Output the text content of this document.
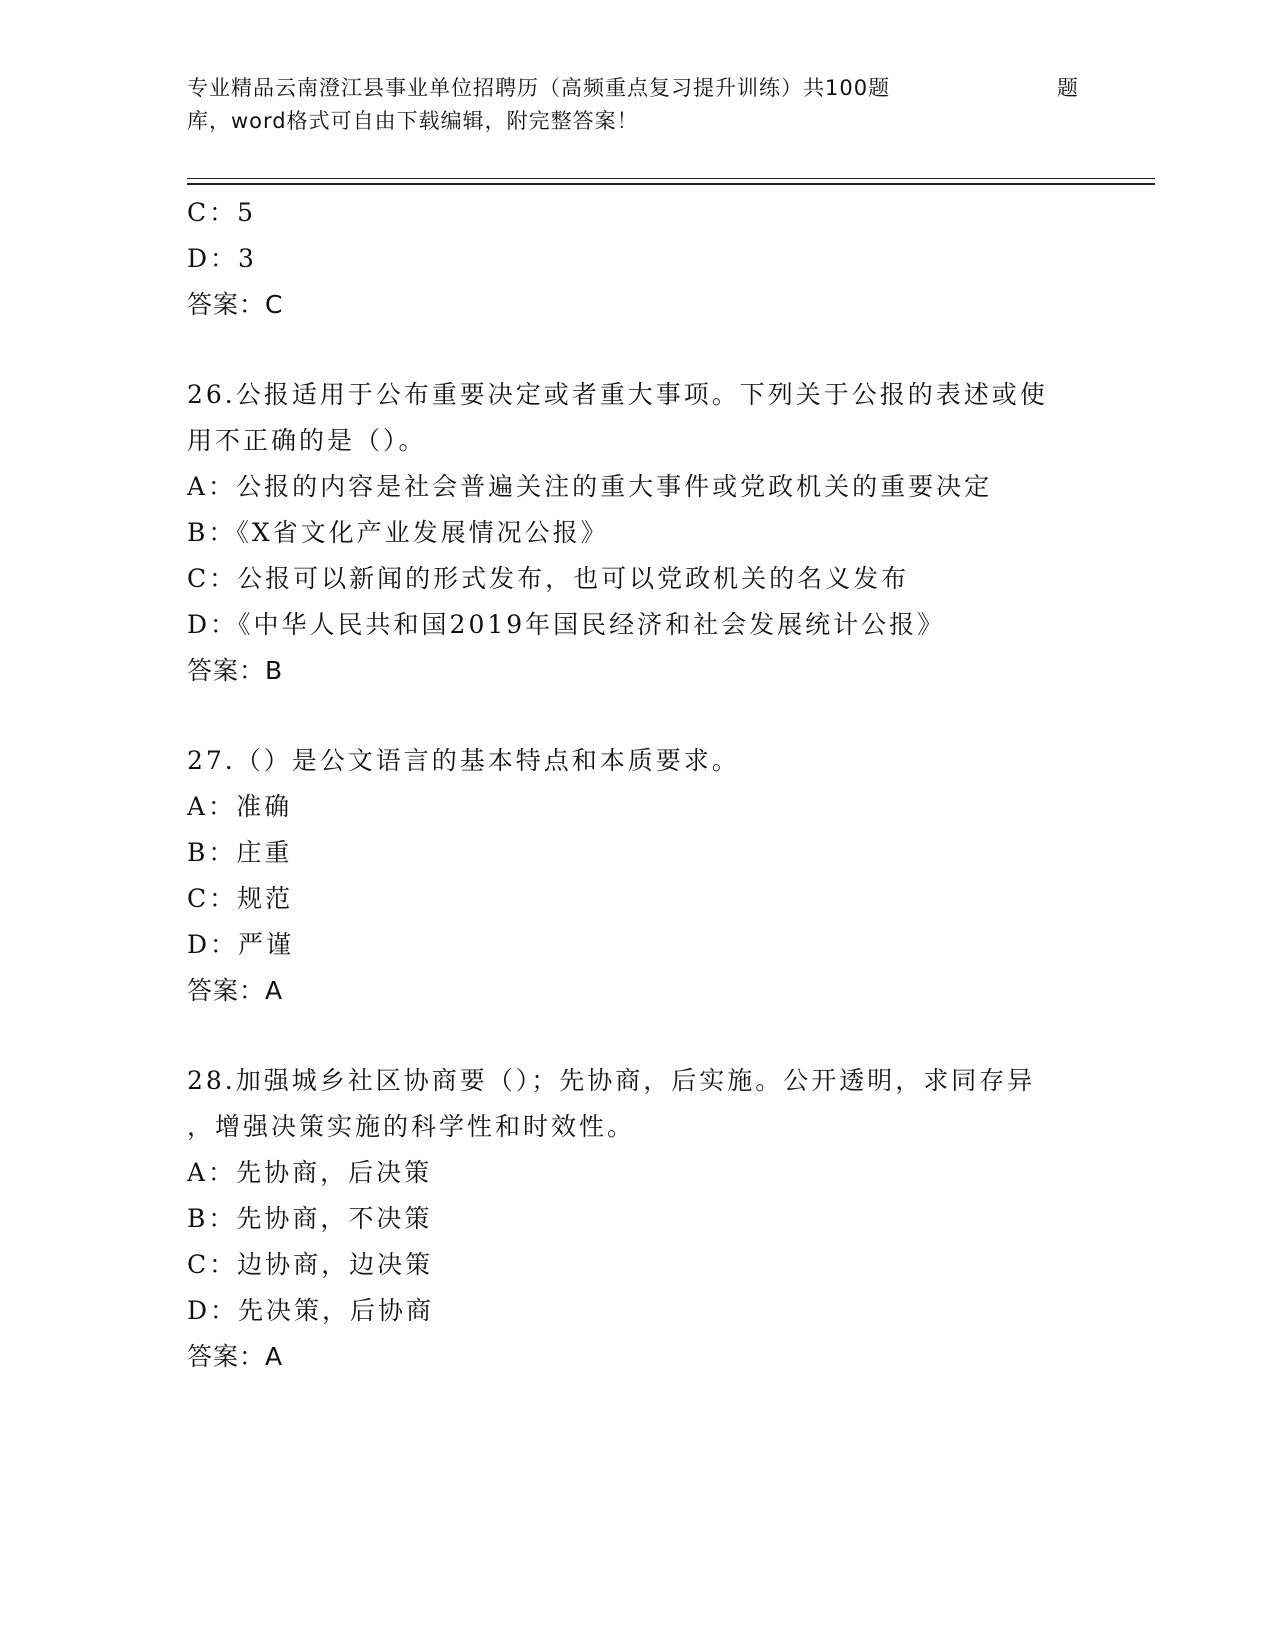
专业精品云南澄江县事业单位招聘历（高频重点复习提升训练）共100题	题
库，word格式可自由下载编辑，附完整答案！
C：5
D：3
答案：C
26.公报适用于公布重要决定或者重大事项。下列关于公报的表述或使
用不正确的是（）。
A：公报的内容是社会普遍关注的重大事件或党政机关的重要决定
B：《X省文化产业发展情况公报》
C：公报可以新闻的形式发布，也可以党政机关的名义发布
D：《中华人民共和国2019年国民经济和社会发展统计公报》
答案：B
27.（）是公文语言的基本特点和本质要求。
A：准确
B：庄重
C：规范
D：严谨
答案：A
28.加强城乡社区协商要（）；先协商，后实施。公开透明，求同存异
，增强决策实施的科学性和时效性。
A：先协商，后决策
B：先协商，不决策
C：边协商，边决策
D：先决策，后协商
答案：A
